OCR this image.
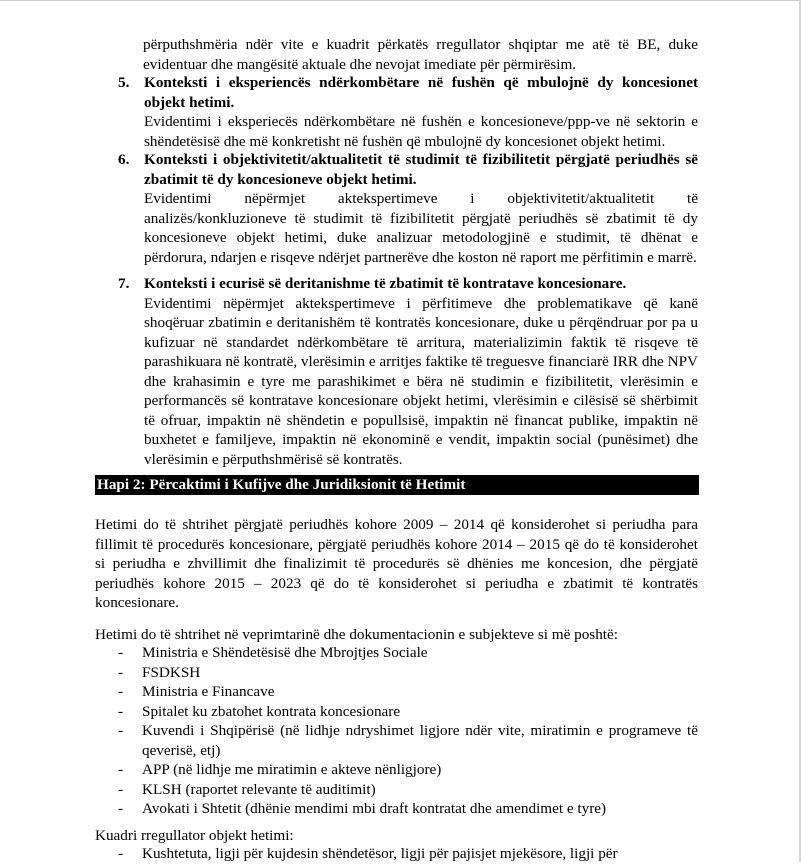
përputhshmëria ndër vite e kuadrit përkatës rregullator shqiptar me atë të BE, duke
evidentuar dhe mangësitë aktuale dhe nevojat imediate për përmirësim.
5. Konteksti i eksperiencës ndërkombëtare në fushën që mbulojnë dy koncesionet objekt hetimi.
Evidentimi i eksperiecës ndërkombëtare në fushën e koncesioneve/ppp-ve në sektorin e shëndetësisë dhe më konkretisht në fushën që mbulojnë dy koncesionet objekt hetimi.
6. Konteksti i objektivitetit/aktualitetit të studimit të fizibilitetit përgjatë periudhës së zbatimit të dy koncesioneve objekt hetimi.
Evidentimi nëpërmjet aktekspertimeve i objektivitetit/aktualitetit të analizës/konkluzioneve të studimit të fizibilitetit përgjatë periudhës së zbatimit të dy koncesioneve objekt hetimi, duke analizuar metodologjinë e studimit, të dhënat e përdorura, ndarjen e risqeve ndërjet partnerëve dhe koston në raport me përfitimin e marrë.
7. Konteksti i ecurisë së deritanishme të zbatimit të kontratave koncesionare.
Evidentimi nëpërmjet aktekspertimeve i përfitimeve dhe problematikave që kanë shoqëruar zbatimin e deritanishëm të kontratës koncesionare, duke u përqëndruar por pa u kufizuar në standardet ndërkombëtare të arritura, materializimin faktik të risqeve të parashikuara në kontratë, vlerësimin e arritjes faktike të treguesve financiarë IRR dhe NPV dhe krahasimin e tyre me parashikimet e bëra në studimin e fizibilitetit, vlerësimin e performancës së kontratave koncesionare objekt hetimi, vlerësimin e cilësisë së shërbimit të ofruar, impaktin në shëndetin e popullsisë, impaktin në financat publike, impaktin në buxhetet e familjeve, impaktin në ekonominë e vendit, impaktin social (punësimet) dhe vlerësimin e përputhshmërisë së kontratës.
Hapi 2: Përcaktimi i Kufijve dhe Juridiksionit të Hetimit
Hetimi do të shtrihet përgjatë periudhës kohore 2009 – 2014 që konsiderohet si periudha para fillimit të procedurës koncesionare, përgjatë periudhës kohore 2014 – 2015 që do të konsiderohet si periudha e zhvillimit dhe finalizimit të procedurës së dhënies me koncesion, dhe përgjatë periudhës kohore 2015 – 2023 që do të konsiderohet si periudha e zbatimit të kontratës koncesionare.
Hetimi do të shtrihet në veprimtarinë dhe dokumentacionin e subjekteve si më poshtë:
- Ministria e Shëndetësisë dhe Mbrojtjes Sociale
- FSDKSH
- Ministria e Financave
- Spitalet ku zbatohet kontrata koncesionare
- Kuvendi i Shqipërisë (në lidhje ndryshimet ligjore ndër vite, miratimin e programeve të qeverisë, etj)
- APP (në lidhje me miratimin e akteve nënligjore)
- KLSH (raportet relevante të auditimit)
- Avokati i Shtetit (dhënie mendimi mbi draft kontratat dhe amendimet e tyre)
Kuadri rregullator objekt hetimi:
- Kushtetuta, ligji për kujdesin shëndetësor, ligji për pajisjet mjekësore, ligji për
